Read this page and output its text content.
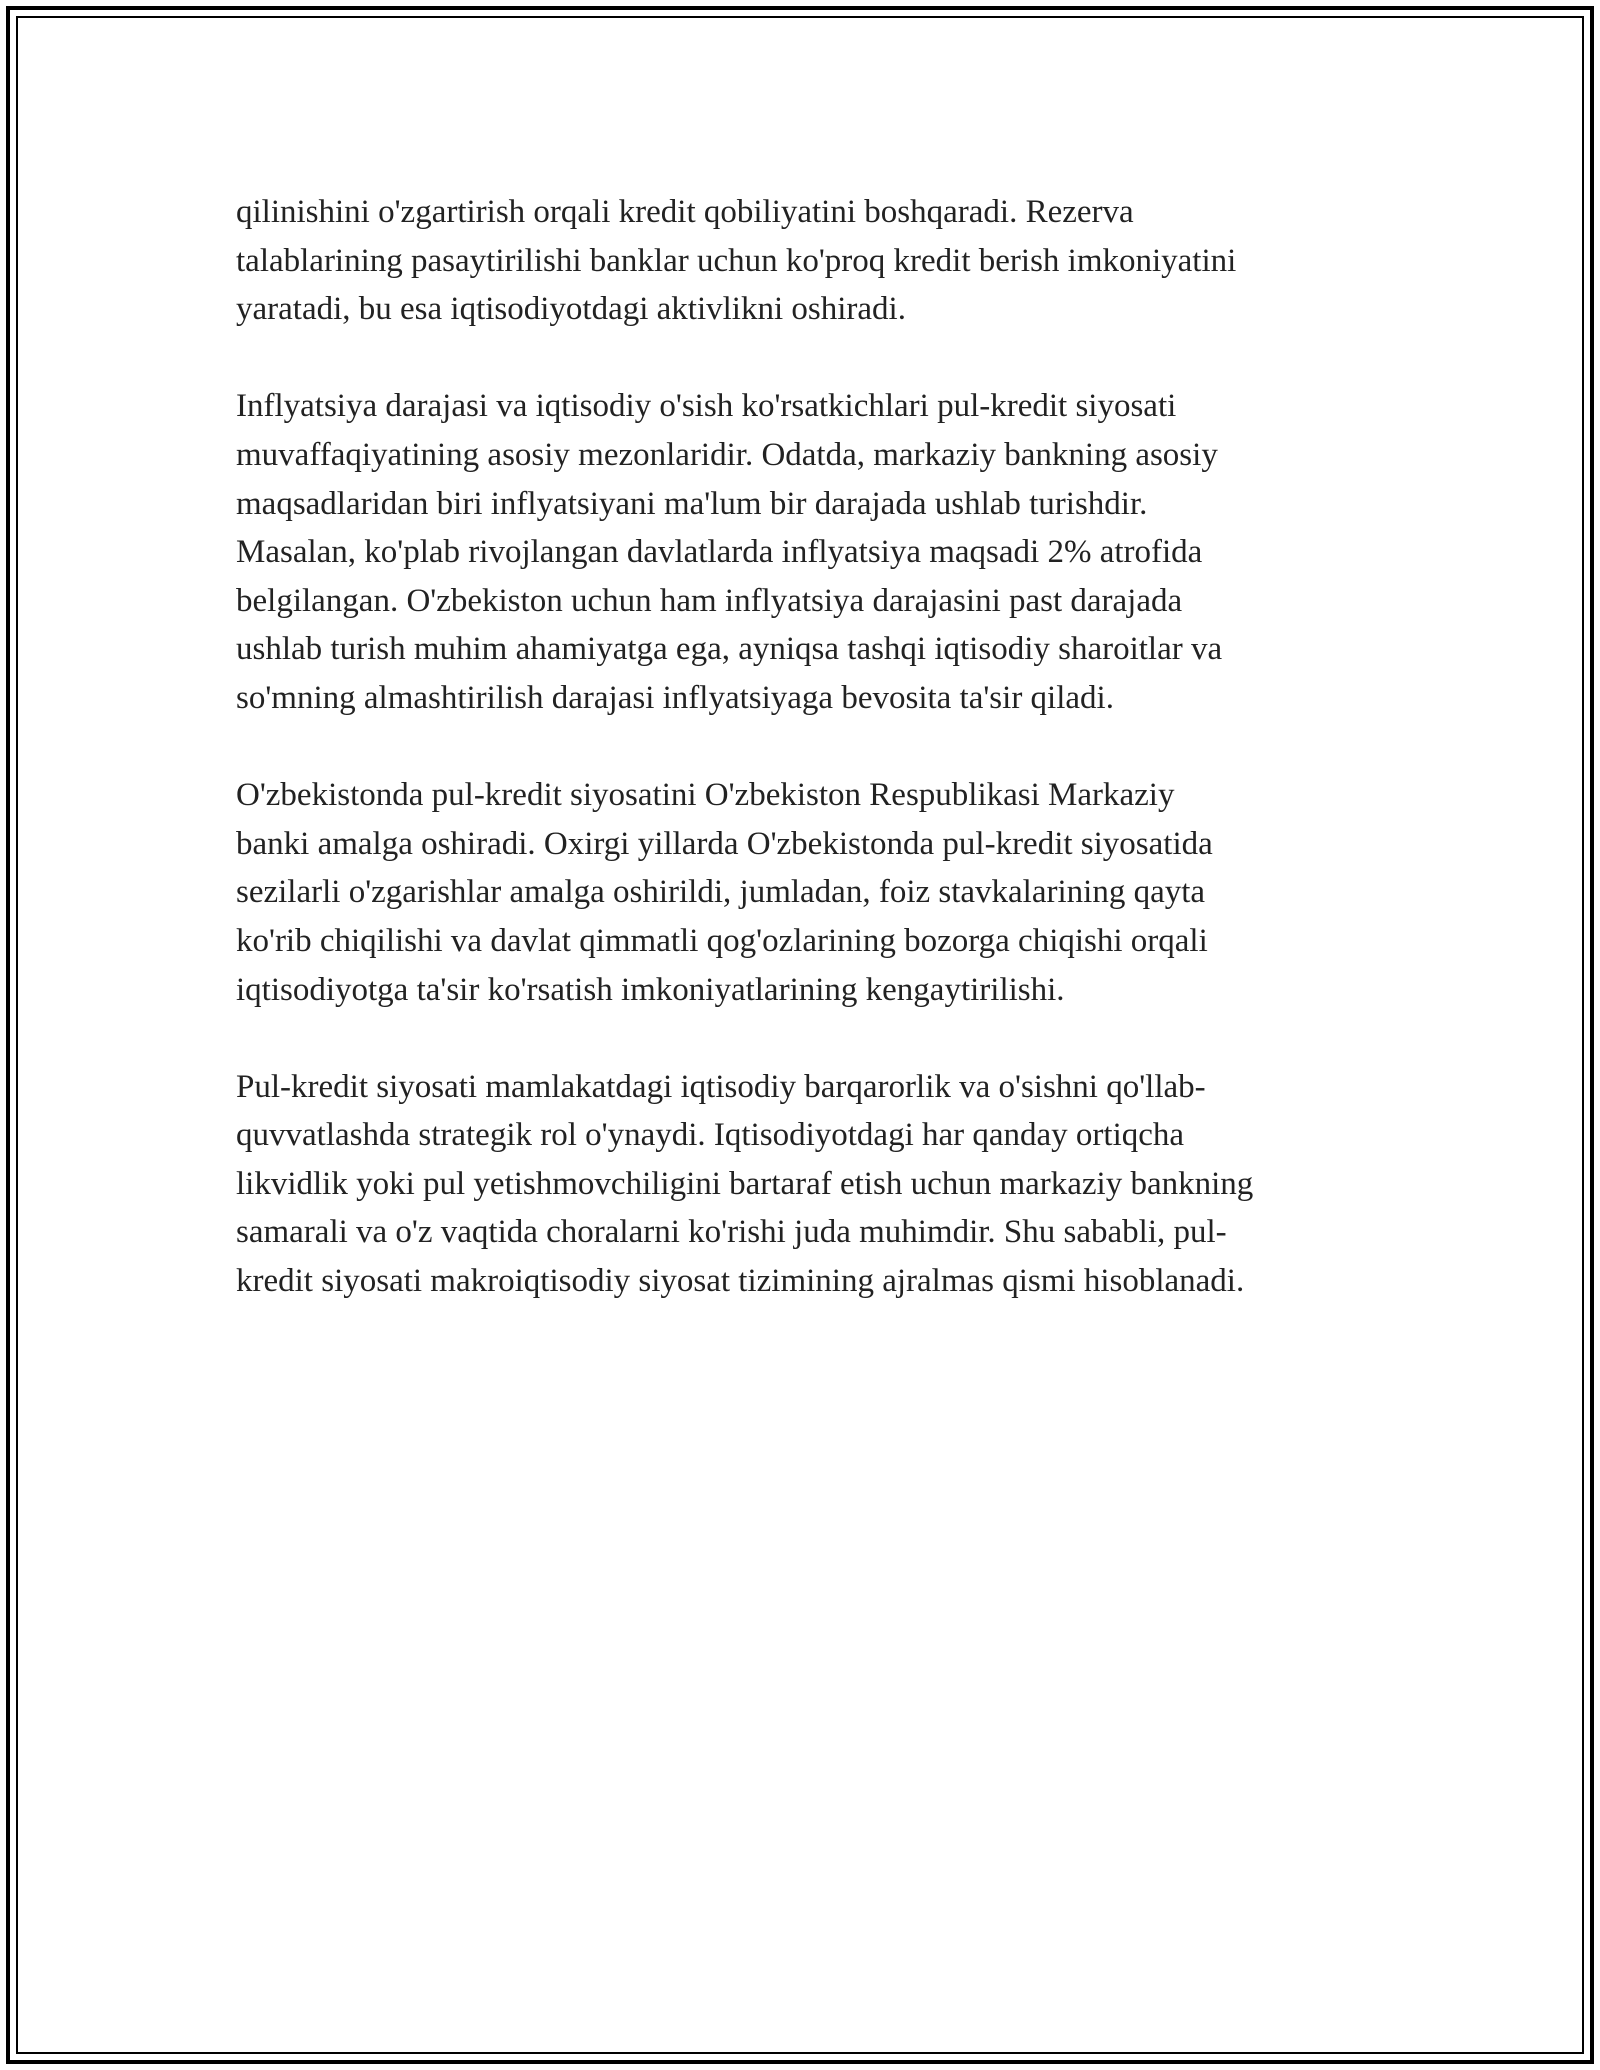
qilinishini o'zgartirish orqali kredit qobiliyatini boshqaradi. Rezerva
talablarining pasaytirilishi banklar uchun ko'proq kredit berish imkoniyatini
yaratadi, bu esa iqtisodiyotdagi aktivlikni oshiradi.

Inflyatsiya darajasi va iqtisodiy o'sish ko'rsatkichlari pul-kredit siyosati
muvaffaqiyatining asosiy mezonlaridir. Odatda, markaziy bankning asosiy
maqsadlaridan biri inflyatsiyani ma'lum bir darajada ushlab turishdir.
Masalan, ko'plab rivojlangan davlatlarda inflyatsiya maqsadi 2% atrofida
belgilangan. O'zbekiston uchun ham inflyatsiya darajasini past darajada
ushlab turish muhim ahamiyatga ega, ayniqsa tashqi iqtisodiy sharoitlar va
so'mning almashtirilish darajasi inflyatsiyaga bevosita ta'sir qiladi.

O'zbekistonda pul-kredit siyosatini O'zbekiston Respublikasi Markaziy
banki amalga oshiradi. Oxirgi yillarda O'zbekistonda pul-kredit siyosatida
sezilarli o'zgarishlar amalga oshirildi, jumladan, foiz stavkalarining qayta
ko'rib chiqilishi va davlat qimmatli qog'ozlarining bozorga chiqishi orqali
iqtisodiyotga ta'sir ko'rsatish imkoniyatlarining kengaytirilishi.

Pul-kredit siyosati mamlakatdagi iqtisodiy barqarorlik va o'sishni qo'llab-
quvvatlashda strategik rol o'ynaydi. Iqtisodiyotdagi har qanday ortiqcha
likvidlik yoki pul yetishmovchiligini bartaraf etish uchun markaziy bankning
samarali va o'z vaqtida choralarni ko'rishi juda muhimdir. Shu sababli, pul-
kredit siyosati makroiqtisodiy siyosat tizimining ajralmas qismi hisoblanadi.
